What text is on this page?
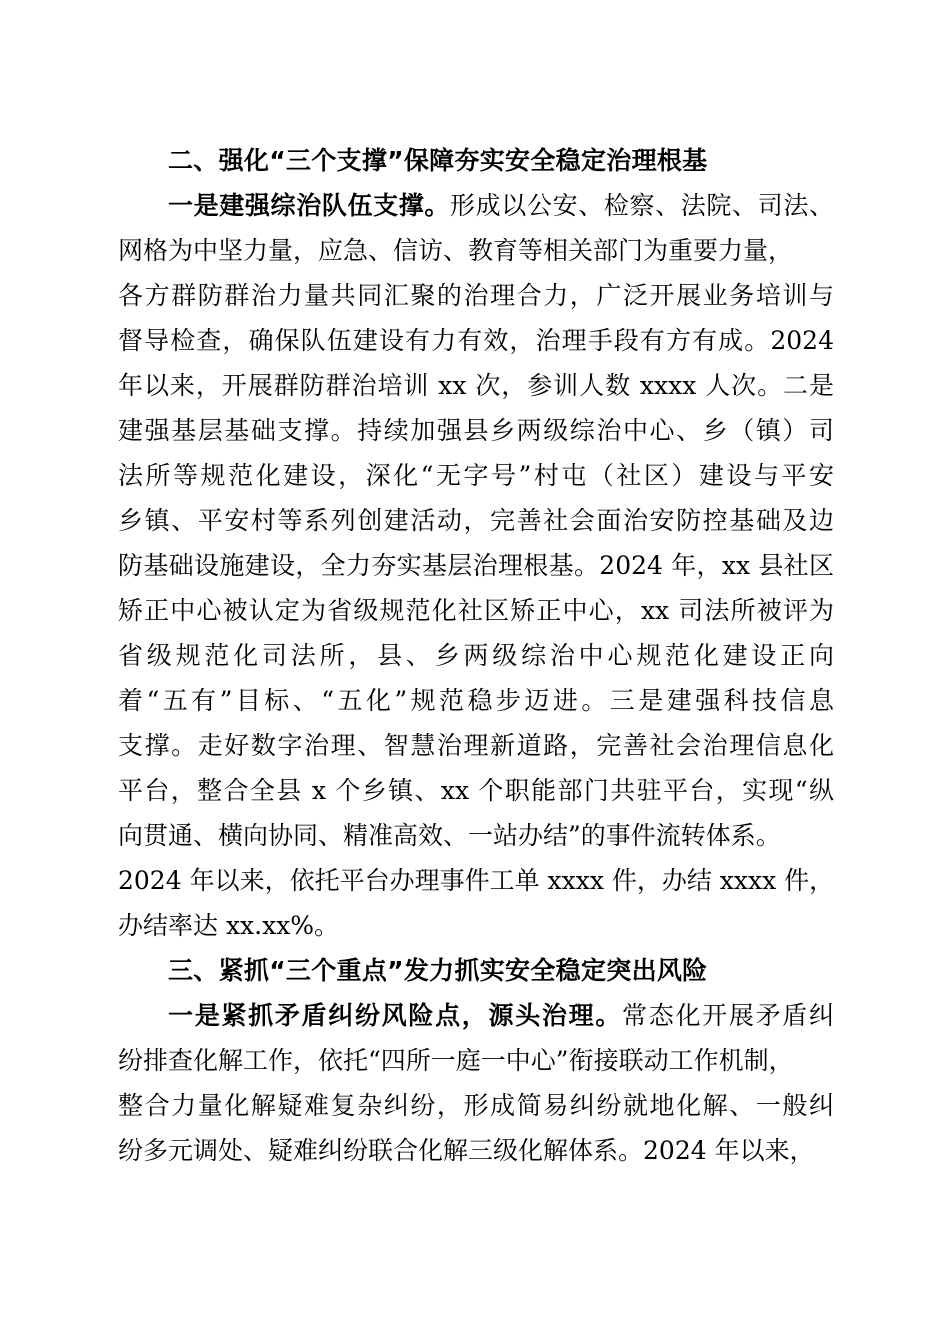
二、强化“三个支撑”保障夯实安全稳定治理根基
一是建强综治队伍支撑。形成以公安、检察、法院、司法、
网格为中坚力量，应急、信访、教育等相关部门为重要力量，
各方群防群治力量共同汇聚的治理合力，广泛开展业务培训与
督导检查，确保队伍建设有力有效，治理手段有方有成。2024
年以来，开展群防群治培训 xx 次，参训人数 xxxx 人次。二是
建强基层基础支撑。持续加强县乡两级综治中心、乡（镇）司
法所等规范化建设，深化“无字号”村屯（社区）建设与平安
乡镇、平安村等系列创建活动，完善社会面治安防控基础及边
防基础设施建设，全力夯实基层治理根基。2024 年，xx 县社区
矫正中心被认定为省级规范化社区矫正中心，xx 司法所被评为
省级规范化司法所，县、乡两级综治中心规范化建设正向
着“五有”目标、“五化”规范稳步迈进。三是建强科技信息
支撑。走好数字治理、智慧治理新道路，完善社会治理信息化
平台，整合全县 x 个乡镇、xx 个职能部门共驻平台，实现“纵
向贯通、横向协同、精准高效、一站办结”的事件流转体系。
2024 年以来，依托平台办理事件工单 xxxx 件，办结 xxxx 件，
办结率达 xx.xx%。
三、紧抓“三个重点”发力抓实安全稳定突出风险
一是紧抓矛盾纠纷风险点，源头治理。常态化开展矛盾纠
纷排查化解工作，依托“四所一庭一中心”衔接联动工作机制，
整合力量化解疑难复杂纠纷，形成简易纠纷就地化解、一般纠
纷多元调处、疑难纠纷联合化解三级化解体系。2024 年以来，
